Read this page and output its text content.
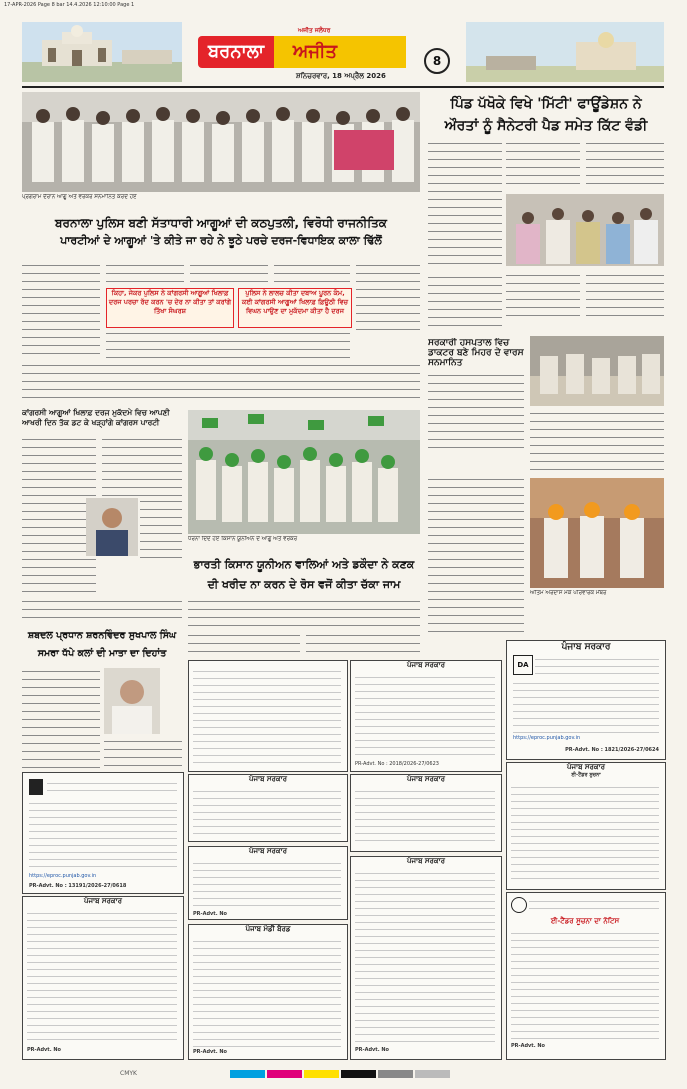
17-APR-2026 Page 8 bar 14.4.2026 12:10:00 Page 1
ਬਰਨਾਲਾ	ਅਜੀਤ
ਅਜੀਤ ਜਲੰਧਰ
ਸ਼ਨਿਚਰਵਾਰ, 18 ਅਪ੍ਰੈਲ 2026
8
ਪ੍ਰੋਗਰਾਮ ਦੌਰਾਨ ਆਗੂ ਅਤੇ ਵਰਕਰ ਸਨਮਾਨਿਤ ਕਰਦੇ ਹੋਏ
ਪਿੰਡ ਪੱਖੋਕੇ ਵਿਖੇ 'ਮਿੱਟੀ' ਫਾਊਂਡੇਸ਼ਨ ਨੇ
ਔਰਤਾਂ ਨੂੰ ਸੈਨੇਟਰੀ ਪੈਡ ਸਮੇਤ ਕਿੱਟ ਵੰਡੀ
ਬਰਨਾਲਾ ਪੁਲਿਸ ਬਣੀ ਸੱਤਾਧਾਰੀ ਆਗੂਆਂ ਦੀ ਕਠਪੁਤਲੀ, ਵਿਰੋਧੀ ਰਾਜਨੀਤਿਕ
ਪਾਰਟੀਆਂ ਦੇ ਆਗੂਆਂ 'ਤੇ ਕੀਤੇ ਜਾ ਰਹੇ ਨੇ ਝੂਠੇ ਪਰਚੇ ਦਰਜ-ਵਿਧਾਇਕ ਕਾਲਾ ਢਿੱਲੋਂ
ਕਿਹਾ, ਜੇਕਰ ਪੁਲਿਸ ਨੇ ਕਾਂਗਰਸੀ ਆਗੂਆਂ ਖਿਲਾਫ਼ ਦਰਜ ਪਰਚਾ ਰੱਦ ਕਰਨ 'ਚ ਦੇਰ ਨਾ ਕੀਤਾ ਤਾਂ ਕਰਾਂਗੇ ਤਿੱਖਾ ਸੰਘਰਸ਼
ਪੁਲਿਸ ਨੇ ਲਾਲਚ ਕੀਤਾ ਦਬਾਅ ਪੂਰਨ ਕੰਮ, ਕਈ ਕਾਂਗਰਸੀ ਆਗੂਆਂ ਖਿਲਾਫ਼ ਫ਼ਿਊਠੀ ਵਿਚ ਵਿਘਨ ਪਾਉਣ ਦਾ ਮੁਕੱਦਮਾ ਕੀਤਾ ਹੈ ਦਰਜ
ਸਰਕਾਰੀ ਹਸਪਤਾਲ ਵਿਚ ਡਾਕਟਰ ਬਣੇ ਮਿਹਰ ਦੇ ਵਾਰਸ ਸਨਮਾਨਿਤ
ਕਾਂਗਰਸੀ ਆਗੂਆਂ ਖਿਲਾਫ਼ ਦਰਜ ਮੁਕੱਦਮੇ ਵਿਚ ਆਪਣੀ ਆਖਰੀ ਦਿਨ ਤੱਕ ਡਟ ਕੇ ਖੜ੍ਹਾਂਗੇ ਕਾਂਗਰਸ ਪਾਰਟੀ
ਧਰਨਾ ਦਿੰਦੇ ਹੋਏ ਕਿਸਾਨ ਯੂਨੀਅਨ ਦੇ ਆਗੂ ਅਤੇ ਵਰਕਰ
ਭਾਰਤੀ ਕਿਸਾਨ ਯੂਨੀਅਨ ਵਾਲਿਆਂ ਅਤੇ ਡਕੌਦਾ ਨੇ ਕਣਕ
ਦੀ ਖਰੀਦ ਨਾ ਕਰਨ ਦੇ ਰੋਸ ਵਜੋਂ ਕੀਤਾ ਚੱਕਾ ਜਾਮ
ਅੰਤਿਮ ਅਰਦਾਸ ਮੌਕੇ ਪਰਿਵਾਰਕ ਮੈਂਬਰ
ਸ਼ਬਦਲ ਪ੍ਰਧਾਨ ਸ਼ਰਨਵਿੰਦਰ ਸੁਖਪਾਲ ਸਿੰਘ
ਸਮਰਾ ਧੱਪੇ ਕਲਾਂ ਦੀ ਮਾਤਾ ਦਾ ਦਿਹਾਂਤ
ਪੰਜਾਬ ਸਰਕਾਰ
PR-Advt. No : 2018/2026-27/0623
ਪੰਜਾਬ ਸਰਕਾਰ
DA
https://eproc.punjab.gov.in
PR-Advt. No : 1821/2026-27/0624
https://eproc.punjab.gov.in
PR-Advt. No : 13191/2026-27/0618
ਪੰਜਾਬ ਸਰਕਾਰ
ਪੰਜਾਬ ਸਰਕਾਰ
PR-Advt. No
ਪੰਜਾਬ ਮੰਡੀ ਬੋਰਡ
PR-Advt. No
ਪੰਜਾਬ ਸਰਕਾਰ
ਪੰਜਾਬ ਸਰਕਾਰ
PR-Advt. No
ਪੰਜਾਬ ਸਰਕਾਰ
ਈ-ਟੈਂਡਰ ਸੂਚਨਾ
ਈ-ਟੈਂਡਰ ਸੂਚਨਾ ਦਾ ਨੋਟਿਸ
PR-Advt. No
ਪੰਜਾਬ ਸਰਕਾਰ
PR-Advt. No
CMYK
